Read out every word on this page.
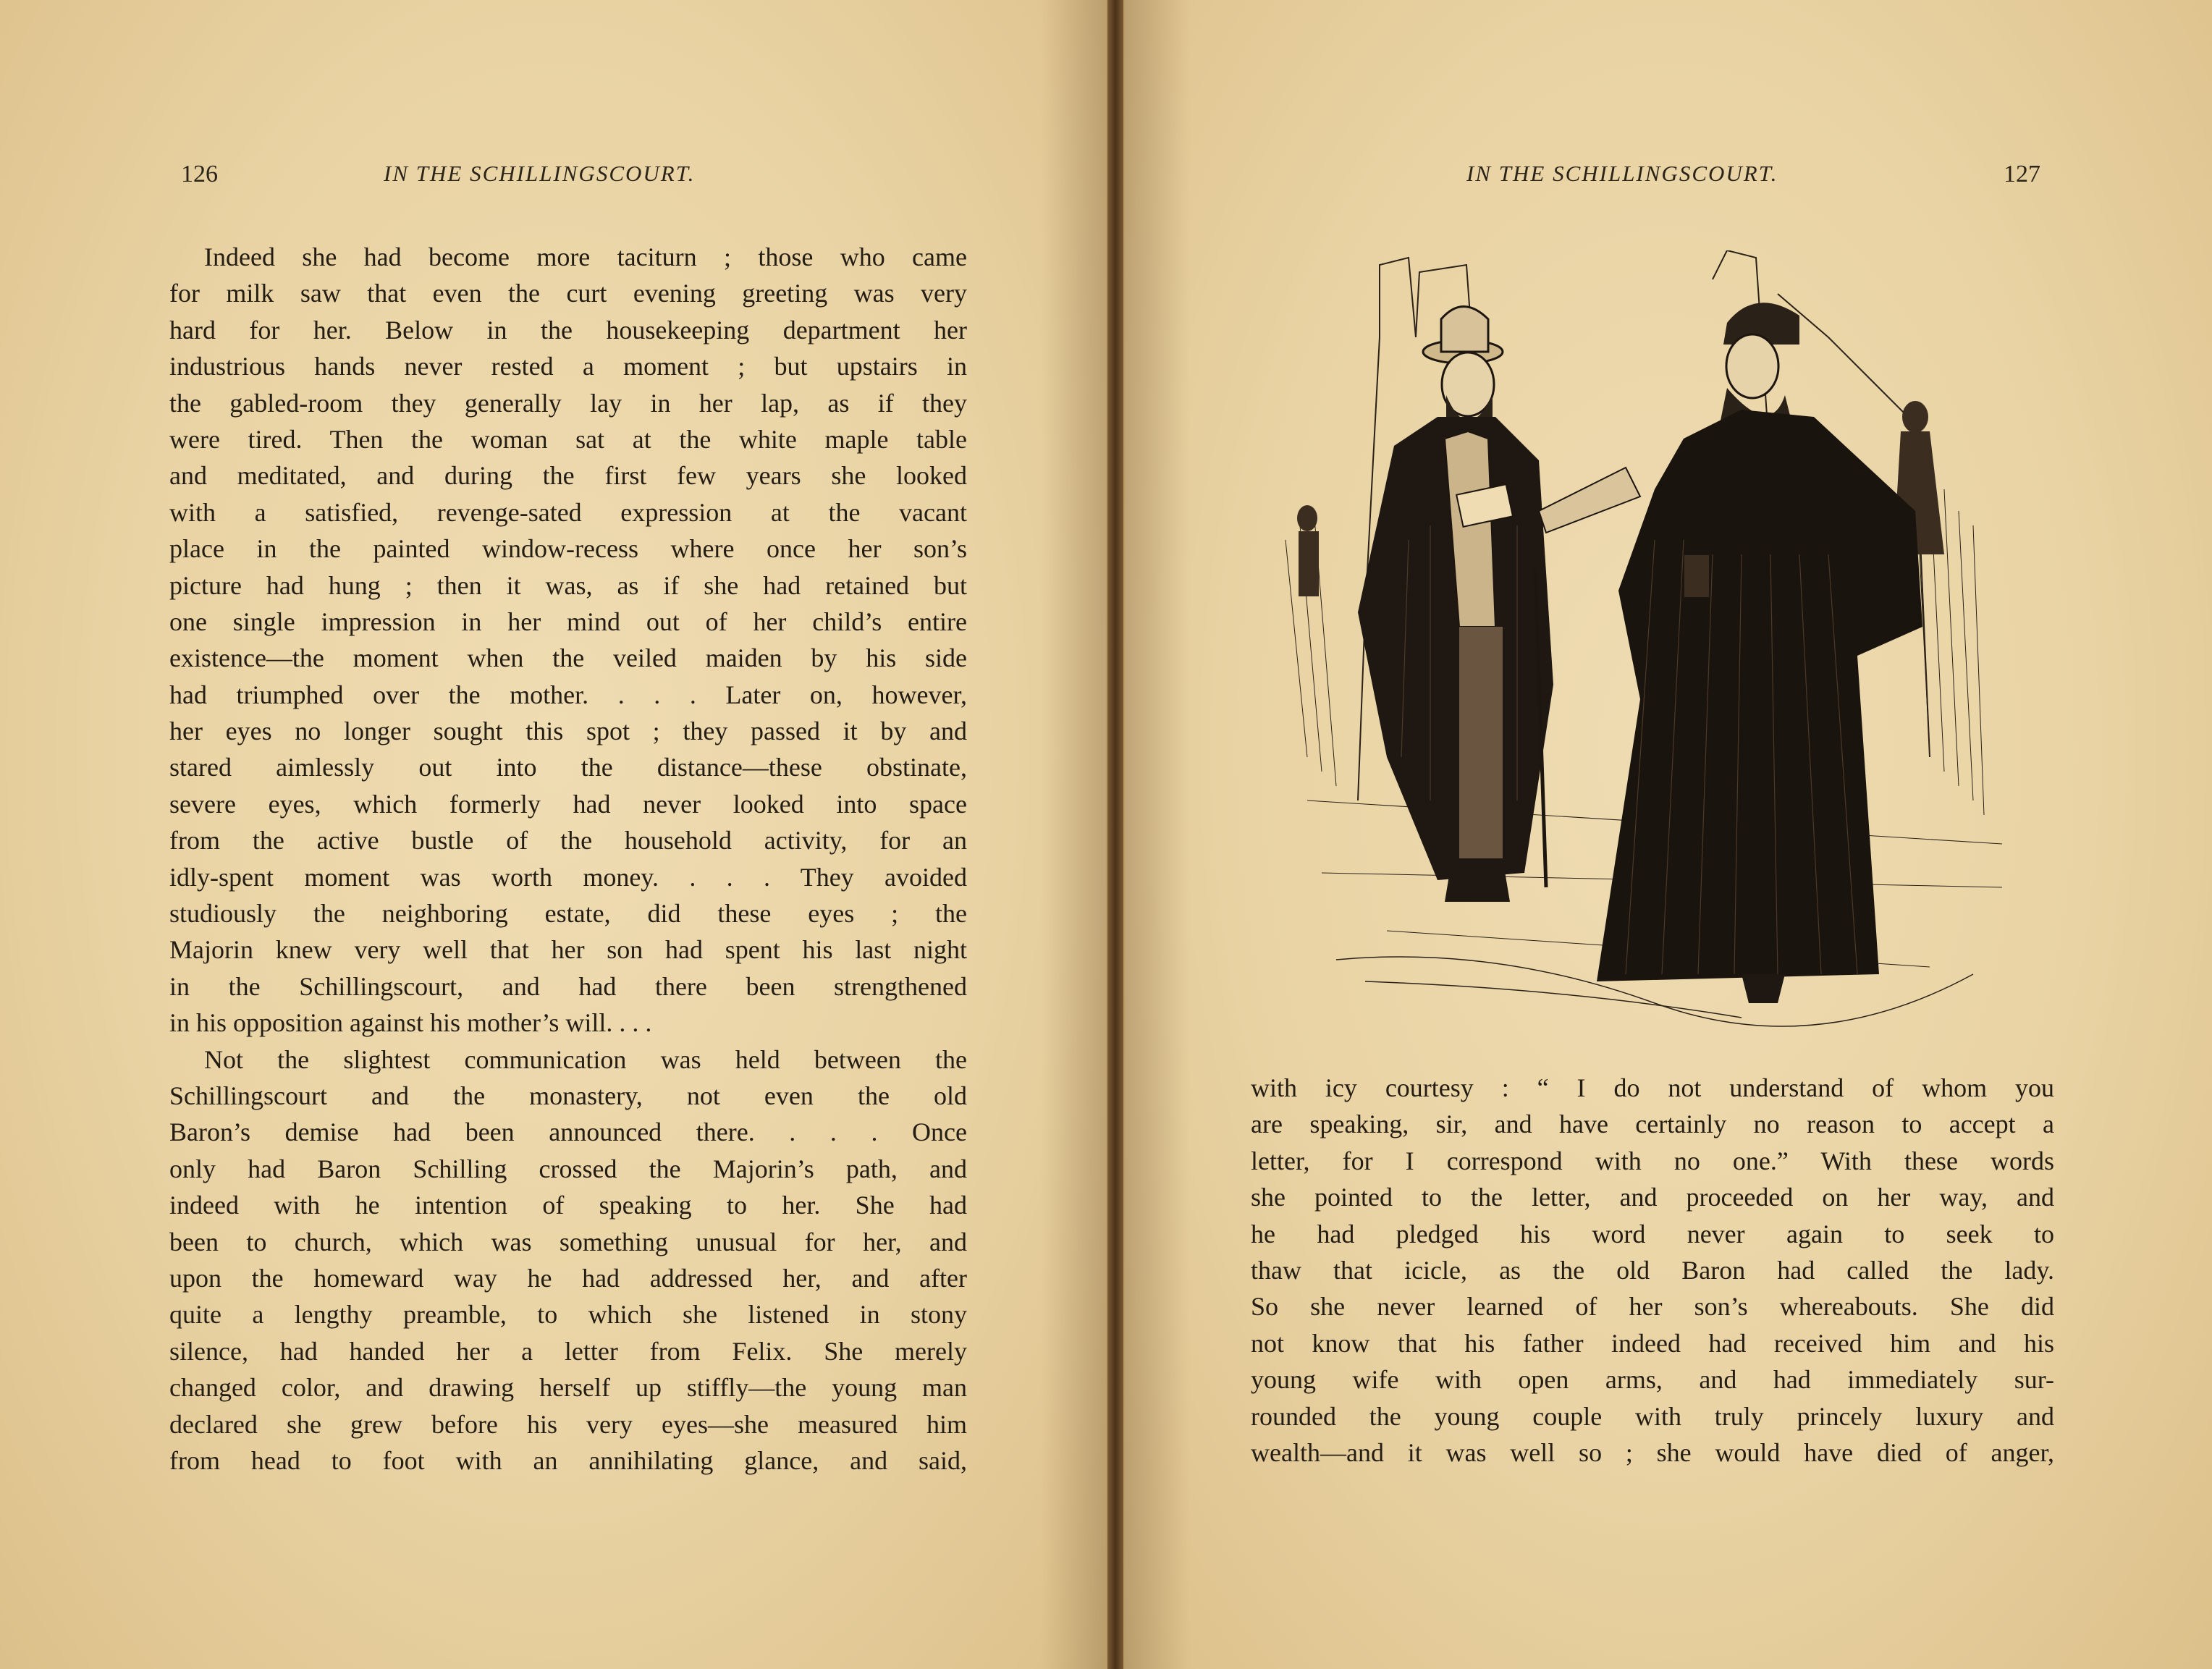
126	IN THE SCHILLINGSCOURT.
Indeed she had become more taciturn ; those who came
for milk saw that even the curt evening greeting was very
hard for her. Below in the housekeeping department her
industrious hands never rested a moment ; but upstairs in
the gabled-room they generally lay in her lap, as if they
were tired. Then the woman sat at the white maple table
and meditated, and during the first few years she looked
with a satisfied, revenge-sated expression at the vacant
place in the painted window-recess where once her son’s
picture had hung ; then it was, as if she had retained but
one single impression in her mind out of her child’s entire
existence—the moment when the veiled maiden by his side
had triumphed over the mother. . . . Later on, however,
her eyes no longer sought this spot ; they passed it by and
stared aimlessly out into the distance—these obstinate,
severe eyes, which formerly had never looked into space
from the active bustle of the household activity, for an
idly-spent moment was worth money. . . . They avoided
studiously the neighboring estate, did these eyes ; the
Majorin knew very well that her son had spent his last night
in the Schillingscourt, and had there been strengthened
in his opposition against his mother’s will. . . .
Not the slightest communication was held between the
Schillingscourt and the monastery, not even the old
Baron’s demise had been announced there. . . . Once
only had Baron Schilling crossed the Majorin’s path, and
indeed with he intention of speaking to her. She had
been to church, which was something unusual for her, and
upon the homeward way he had addressed her, and after
quite a lengthy preamble, to which she listened in stony
silence, had handed her a letter from Felix. She merely
changed color, and drawing herself up stiffly—the young man
declared she grew before his very eyes—she measured him
from head to foot with an annihilating glance, and said,
IN THE SCHILLINGSCOURT.	127
with icy courtesy : “ I do not understand of whom you
are speaking, sir, and have certainly no reason to accept a
letter, for I correspond with no one.” With these words
she pointed to the letter, and proceeded on her way, and
he had pledged his word never again to seek to
thaw that icicle, as the old Baron had called the lady.
So she never learned of her son’s whereabouts. She did
not know that his father indeed had received him and his
young wife with open arms, and had immediately sur-
rounded the young couple with truly princely luxury and
wealth—and it was well so ; she would have died of anger,
